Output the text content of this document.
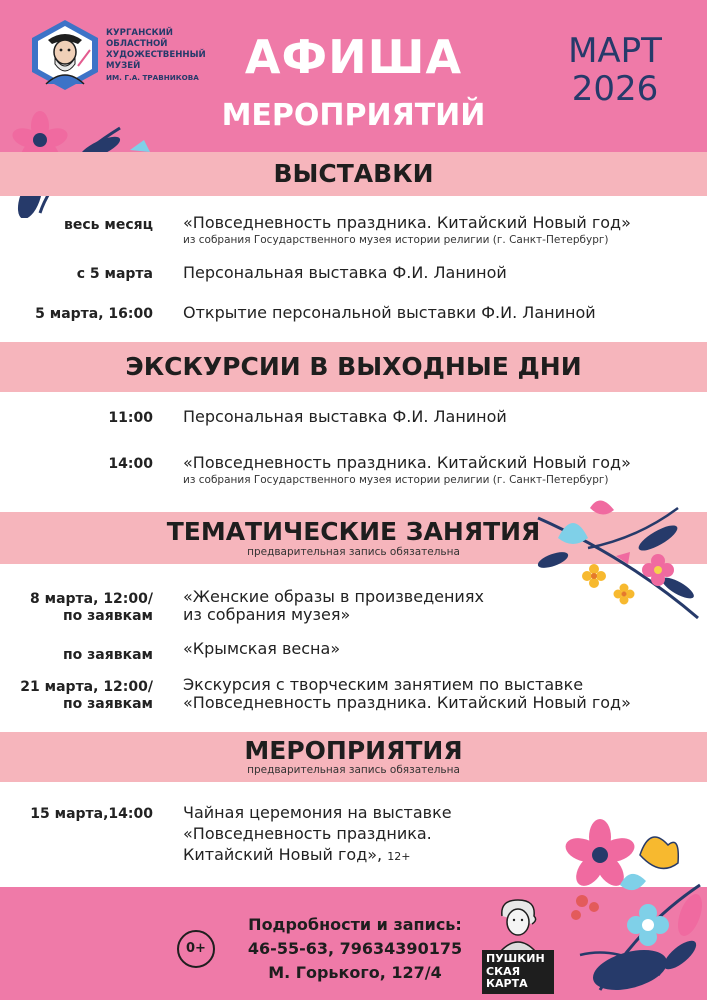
КУРГАНСКИЙ
ОБЛАСТНОЙ
ХУДОЖЕСТВЕННЫЙ
МУЗЕЙ
ИМ. Г.А. ТРАВНИКОВА	АФИША
МЕРОПРИЯТИЙ
МАРТ
2026
ВЫСТАВКИ
весь месяц «Повседневность праздника. Китайский Новый год»
из собрания Государственного музея истории религии (г. Санкт-Петербург)
с 5 марта Персональная выставка Ф.И. Ланиной
5 марта, 16:00 Открытие персональной выставки Ф.И. Ланиной
ЭКСКУРСИИ В ВЫХОДНЫЕ ДНИ
11:00 Персональная выставка Ф.И. Ланиной
14:00 «Повседневность праздника. Китайский Новый год»
из собрания Государственного музея истории религии (г. Санкт-Петербург)
ТЕМАТИЧЕСКИЕ ЗАНЯТИЯ
предварительная запись обязательна
8 марта, 12:00/
по заявкам
«Женские образы в произведениях
из собрания музея»
по заявкам «Крымская весна»
21 марта, 12:00/
по заявкам
Экскурсия с творческим занятием по выставке
«Повседневность праздника. Китайский Новый год»
МЕРОПРИЯТИЯ
предварительная запись обязательна
15 марта,14:00 Чайная церемония на выставке
«Повседневность праздника.
Китайский Новый год», 12+
0+
Подробности и запись:
46-55-63, 79634390175
М. Горького, 127/4
ПУШКИН
СКАЯ
КАРТА
